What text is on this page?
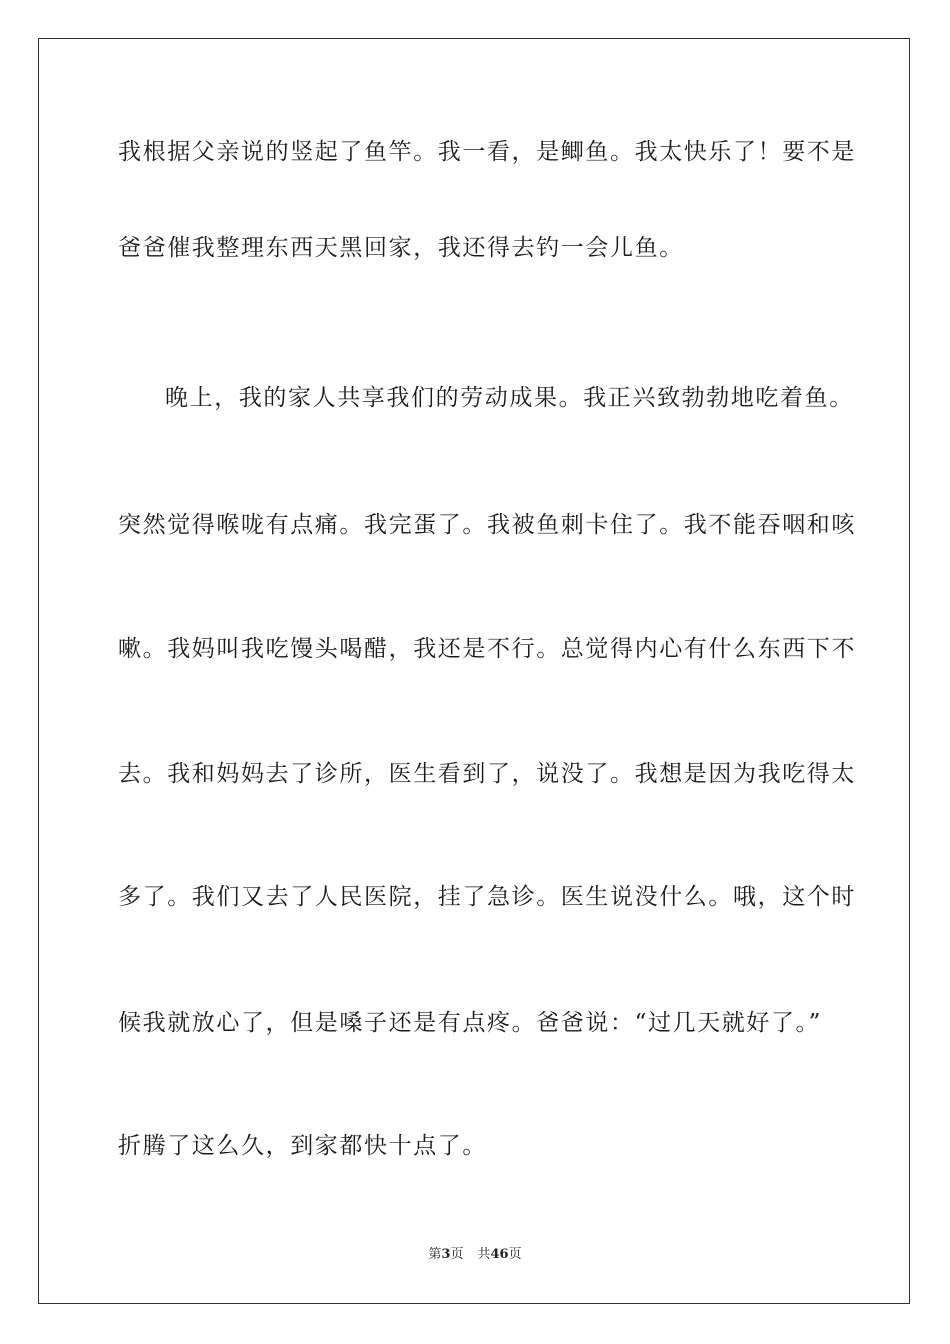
我根据父亲说的竖起了鱼竿。我一看，是鲫鱼。我太快乐了！要不是
爸爸催我整理东西天黑回家，我还得去钓一会儿鱼。
晚上，我的家人共享我们的劳动成果。我正兴致勃勃地吃着鱼。
突然觉得喉咙有点痛。我完蛋了。我被鱼刺卡住了。我不能吞咽和咳
嗽。我妈叫我吃馒头喝醋，我还是不行。总觉得内心有什么东西下不
去。我和妈妈去了诊所，医生看到了，说没了。我想是因为我吃得太
多了。我们又去了人民医院，挂了急诊。医生说没什么。哦，这个时
候我就放心了，但是嗓子还是有点疼。爸爸说：“过几天就好了。”
折腾了这么久，到家都快十点了。
第3页 共46页
